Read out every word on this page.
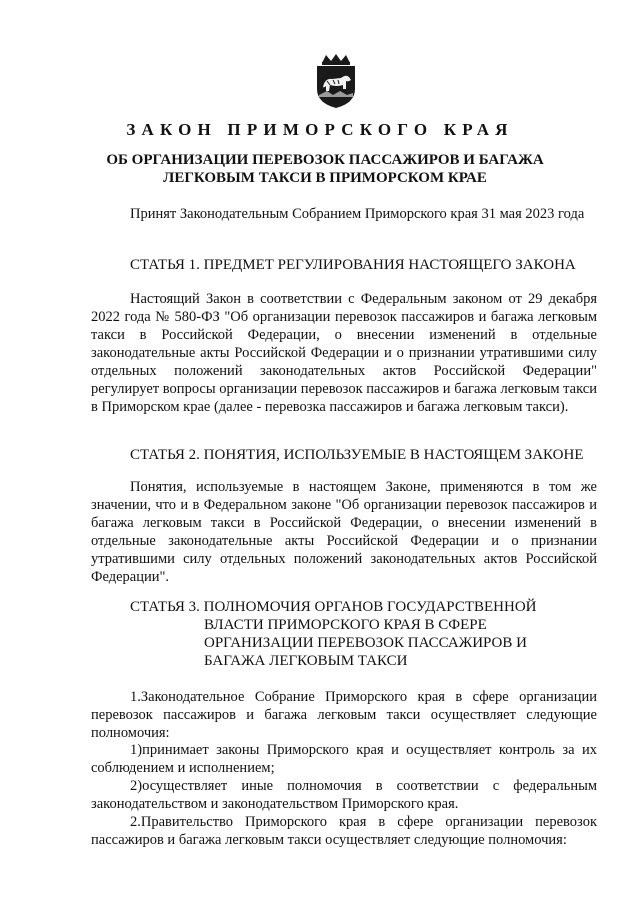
ЗАКОН ПРИМОРСКОГО КРАЯ
ОБ ОРГАНИЗАЦИИ ПЕРЕВОЗОК ПАССАЖИРОВ И БАГАЖА ЛЕГКОВЫМ ТАКСИ В ПРИМОРСКОМ КРАЕ

Принят Законодательным Собранием Приморского края 31 мая 2023 года

СТАТЬЯ 1. ПРЕДМЕТ РЕГУЛИРОВАНИЯ НАСТОЯЩЕГО ЗАКОНА

Настоящий Закон в соответствии с Федеральным законом от 29 декабря 2022 года № 580-ФЗ "Об организации перевозок пассажиров и багажа легковым такси в Российской Федерации, о внесении изменений в отдельные законодательные акты Российской Федерации и о признании утратившими силу отдельных положений законодательных актов Российской Федерации" регулирует вопросы организации перевозок пассажиров и багажа легковым такси в Приморском крае (далее - перевозка пассажиров и багажа легковым такси).

СТАТЬЯ 2. ПОНЯТИЯ, ИСПОЛЬЗУЕМЫЕ В НАСТОЯЩЕМ ЗАКОНЕ

Понятия, используемые в настоящем Законе, применяются в том же значении, что и в Федеральном законе "Об организации перевозок пассажиров и багажа легковым такси в Российской Федерации, о внесении изменений в отдельные законодательные акты Российской Федерации и о признании утратившими силу отдельных положений законодательных актов Российской Федерации".

СТАТЬЯ 3. ПОЛНОМОЧИЯ ОРГАНОВ ГОСУДАРСТВЕННОЙ
ВЛАСТИ ПРИМОРСКОГО КРАЯ В СФЕРЕ
ОРГАНИЗАЦИИ ПЕРЕВОЗОК ПАССАЖИРОВ И
БАГАЖА ЛЕГКОВЫМ ТАКСИ

1.Законодательное Собрание Приморского края в сфере организации перевозок пассажиров и багажа легковым такси осуществляет следующие полномочия:

1)принимает законы Приморского края и осуществляет контроль за их соблюдением и исполнением;

2)осуществляет иные полномочия в соответствии с федеральным законодательством и законодательством Приморского края.

2.Правительство Приморского края в сфере организации перевозок пассажиров и багажа легковым такси осуществляет следующие полномочия:
